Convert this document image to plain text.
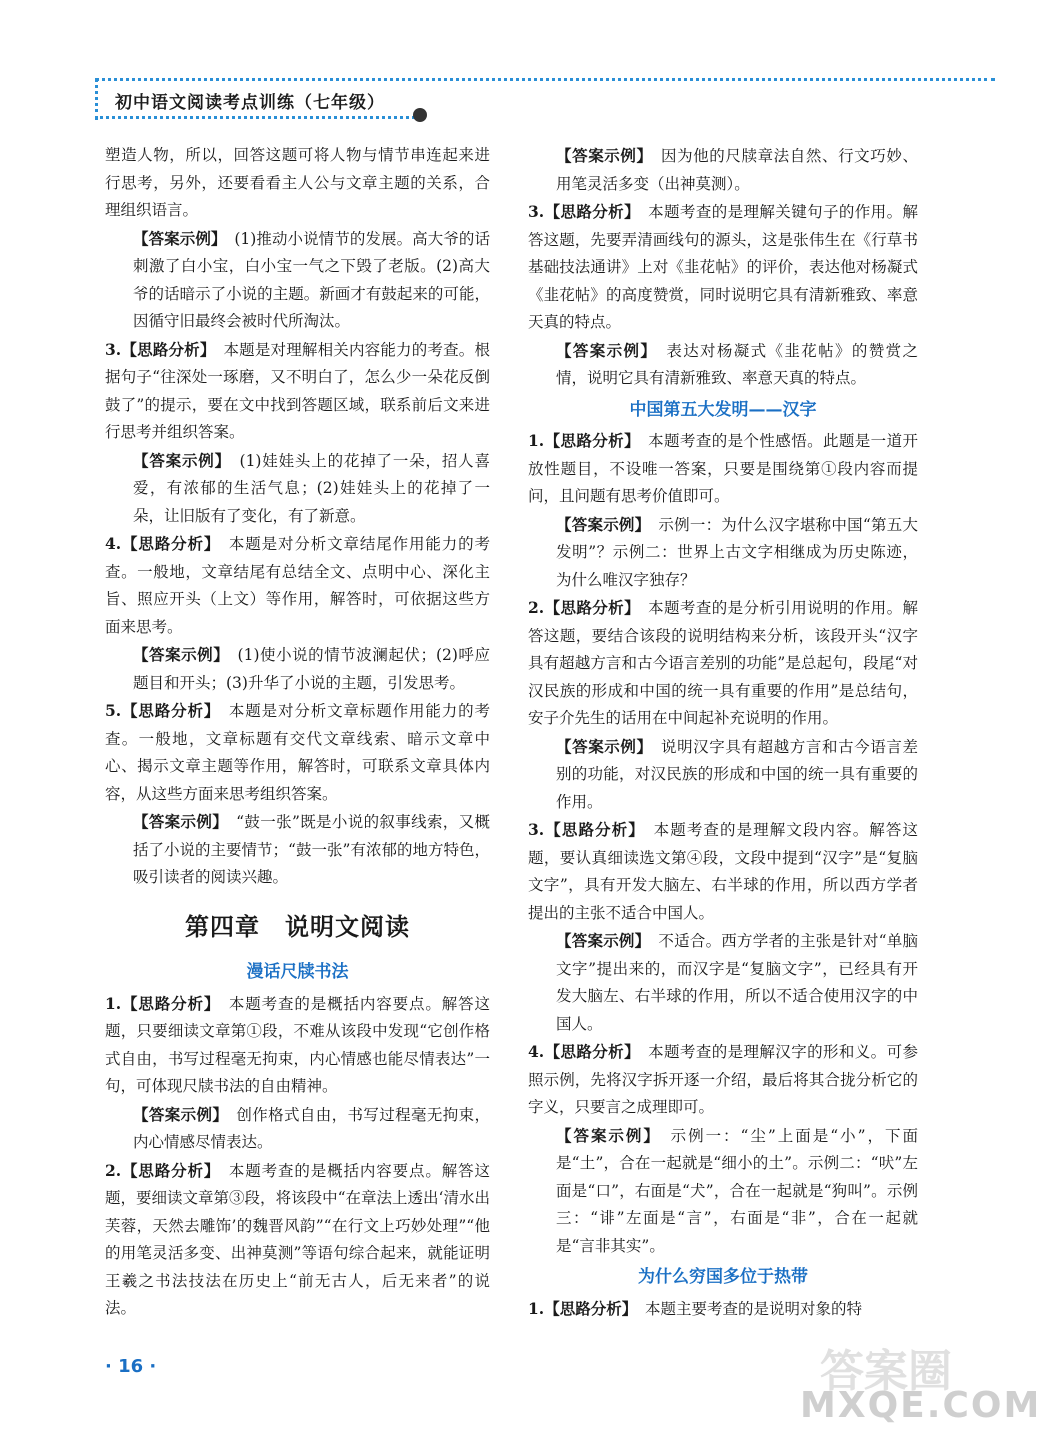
初中语文阅读考点训练（七年级）

塑造人物，所以，回答这题可将人物与情节串连起来进行思考，另外，还要看看主人公与文章主题的关系，合理组织语言。

【答案示例】　 (1)推动小说情节的发展。高大爷的话刺激了白小宝，白小宝一气之下毁了老版。(2)高大爷的话暗示了小说的主题。新画才有鼓起来的可能，因循守旧最终会被时代所淘汰。

3.【思路分析】　 本题是对理解相关内容能力的考查。根据句子“往深处一琢磨，又不明白了，怎么少一朵花反倒鼓了”的提示，要在文中找到答题区域，联系前后文来进行思考并组织答案。

【答案示例】　 (1)娃娃头上的花掉了一朵，招人喜爱，有浓郁的生活气息；(2)娃娃头上的花掉了一朵，让旧版有了变化，有了新意。

4.【思路分析】　 本题是对分析文章结尾作用能力的考查。一般地，文章结尾有总结全文、点明中心、深化主旨、照应开头（上文）等作用，解答时，可依据这些方面来思考。

【答案示例】　 (1)使小说的情节波澜起伏；(2)呼应题目和开头；(3)升华了小说的主题，引发思考。

5.【思路分析】　 本题是对分析文章标题作用能力的考查。一般地，文章标题有交代文章线索、暗示文章中心、揭示文章主题等作用，解答时，可联系文章具体内容，从这些方面来思考组织答案。

【答案示例】　 “鼓一张”既是小说的叙事线索，又概括了小说的主要情节；“鼓一张”有浓郁的地方特色，吸引读者的阅读兴趣。

第四章　说明文阅读
漫话尺牍书法

1.【思路分析】　 本题考查的是概括内容要点。解答这题，只要细读文章第①段，不难从该段中发现“它创作格式自由，书写过程毫无拘束，内心情感也能尽情表达”一句，可体现尺牍书法的自由精神。

【答案示例】　 创作格式自由，书写过程毫无拘束，内心情感尽情表达。

2.【思路分析】　 本题考查的是概括内容要点。解答这题，要细读文章第③段，将该段中“在章法上透出‘清水出芙蓉，天然去雕饰’的魏晋风韵”“在行文上巧妙处理”“他的用笔灵活多变、出神莫测”等语句综合起来，就能证明王羲之书法技法在历史上“前无古人，后无来者”的说法。

【答案示例】　 因为他的尺牍章法自然、行文巧妙、用笔灵活多变（出神莫测）。

3.【思路分析】　 本题考查的是理解关键句子的作用。解答这题，先要弄清画线句的源头，这是张伟生在《行草书基础技法通讲》上对《韭花帖》的评价，表达他对杨凝式《韭花帖》的高度赞赏，同时说明它具有清新雅致、率意天真的特点。

【答案示例】　 表达对杨凝式《韭花帖》的赞赏之情，说明它具有清新雅致、率意天真的特点。

中国第五大发明——汉字

1.【思路分析】　 本题考查的是个性感悟。此题是一道开放性题目，不设唯一答案，只要是围绕第①段内容而提问，且问题有思考价值即可。

【答案示例】　 示例一：为什么汉字堪称中国“第五大发明”？示例二：世界上古文字相继成为历史陈迹，为什么唯汉字独存？

2.【思路分析】　 本题考查的是分析引用说明的作用。解答这题，要结合该段的说明结构来分析，该段开头“汉字具有超越方言和古今语言差别的功能”是总起句，段尾“对汉民族的形成和中国的统一具有重要的作用”是总结句，安子介先生的话用在中间起补充说明的作用。

【答案示例】　 说明汉字具有超越方言和古今语言差别的功能，对汉民族的形成和中国的统一具有重要的作用。

3.【思路分析】　 本题考查的是理解文段内容。解答这题，要认真细读选文第④段，文段中提到“汉字”是“复脑文字”，具有开发大脑左、右半球的作用，所以西方学者提出的主张不适合中国人。

【答案示例】　 不适合。西方学者的主张是针对“单脑文字”提出来的，而汉字是“复脑文字”，已经具有开发大脑左、右半球的作用，所以不适合使用汉字的中国人。

4.【思路分析】　 本题考查的是理解汉字的形和义。可参照示例，先将汉字拆开逐一介绍，最后将其合拢分析它的字义，只要言之成理即可。

【答案示例】　 示例一：“尘”上面是“小”，下面是“土”，合在一起就是“细小的土”。示例二：“吠”左面是“口”，右面是“犬”，合在一起就是“狗叫”。示例三：“诽”左面是“言”，右面是“非”，合在一起就是“言非其实”。

为什么穷国多位于热带

1.【思路分析】　 本题主要考查的是说明对象的特

· 16 ·	答案圈
MXQE.COM
